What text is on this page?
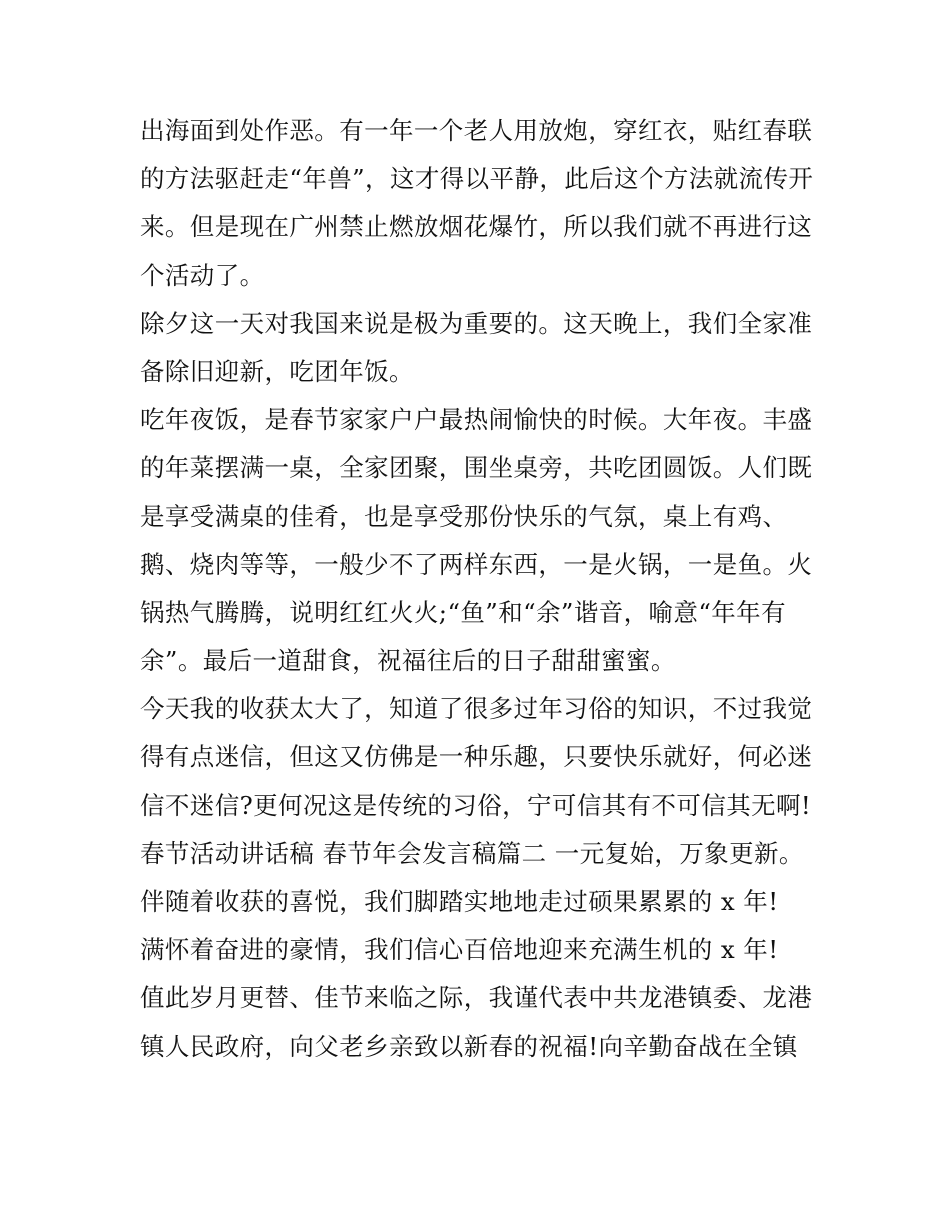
出海面到处作恶。有一年一个老人用放炮，穿红衣，贴红春联
的方法驱赶走“年兽”，这才得以平静，此后这个方法就流传开
来。但是现在广州禁止燃放烟花爆竹，所以我们就不再进行这
个活动了。
除夕这一天对我国来说是极为重要的。这天晚上，我们全家准
备除旧迎新，吃团年饭。
吃年夜饭，是春节家家户户最热闹愉快的时候。大年夜。丰盛
的年菜摆满一桌，全家团聚，围坐桌旁，共吃团圆饭。人们既
是享受满桌的佳肴，也是享受那份快乐的气氛，桌上有鸡、
鹅、烧肉等等，一般少不了两样东西，一是火锅，一是鱼。火
锅热气腾腾，说明红红火火;“鱼”和“余”谐音，喻意“年年有
余”。最后一道甜食，祝福往后的日子甜甜蜜蜜。
今天我的收获太大了，知道了很多过年习俗的知识，不过我觉
得有点迷信，但这又仿佛是一种乐趣，只要快乐就好，何必迷
信不迷信?更何况这是传统的习俗，宁可信其有不可信其无啊!
春节活动讲话稿 春节年会发言稿篇二 一元复始，万象更新。
伴随着收获的喜悦，我们脚踏实地地走过硕果累累的 x 年!
满怀着奋进的豪情，我们信心百倍地迎来充满生机的 x 年!
值此岁月更替、佳节来临之际，我谨代表中共龙港镇委、龙港
镇人民政府，向父老乡亲致以新春的祝福!向辛勤奋战在全镇
